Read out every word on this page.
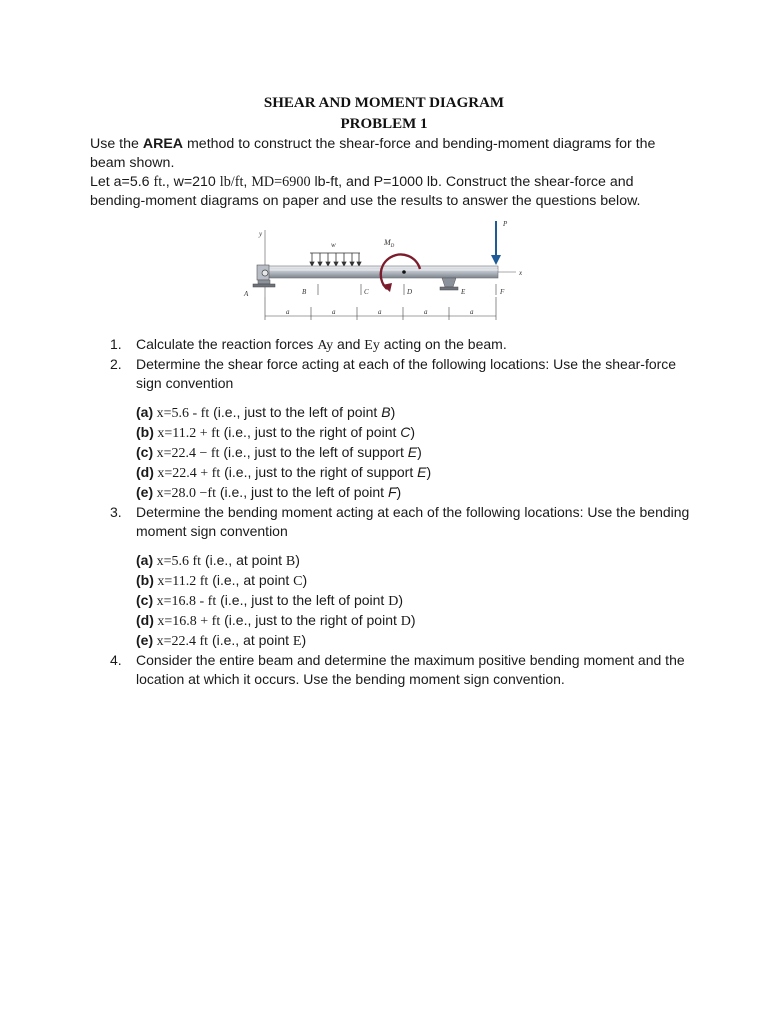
SHEAR AND MOMENT DIAGRAM
PROBLEM 1
Use the AREA method to construct the shear-force and bending-moment diagrams for the beam shown.
Let a=5.6 ft., w=210 lb/ft, MD=6900 lb-ft, and P=1000 lb. Construct the shear-force and bending-moment diagrams on paper and use the results to answer the questions below.
y
x
w
A
$M_D$
P
B	C	D	E	F
a	a	a	a	a
1. Calculate the reaction forces Ay and Ey acting on the beam.
2. Determine the shear force acting at each of the following locations: Use the shear-force sign convention
(a) x=5.6 - ft (i.e., just to the left of point B)
(b) x=11.2 + ft (i.e., just to the right of point C)
(c) x=22.4 − ft (i.e., just to the left of support E)
(d) x=22.4 + ft (i.e., just to the right of support E)
(e) x=28.0 −ft (i.e., just to the left of point F)
3. Determine the bending moment acting at each of the following locations: Use the bending moment sign convention
(a) x=5.6 ft (i.e., at point B)
(b) x=11.2 ft (i.e., at point C)
(c) x=16.8 - ft (i.e., just to the left of point D)
(d) x=16.8 + ft (i.e., just to the right of point D)
(e) x=22.4 ft (i.e., at point E)
4. Consider the entire beam and determine the maximum positive bending moment and the location at which it occurs. Use the bending moment sign convention.
